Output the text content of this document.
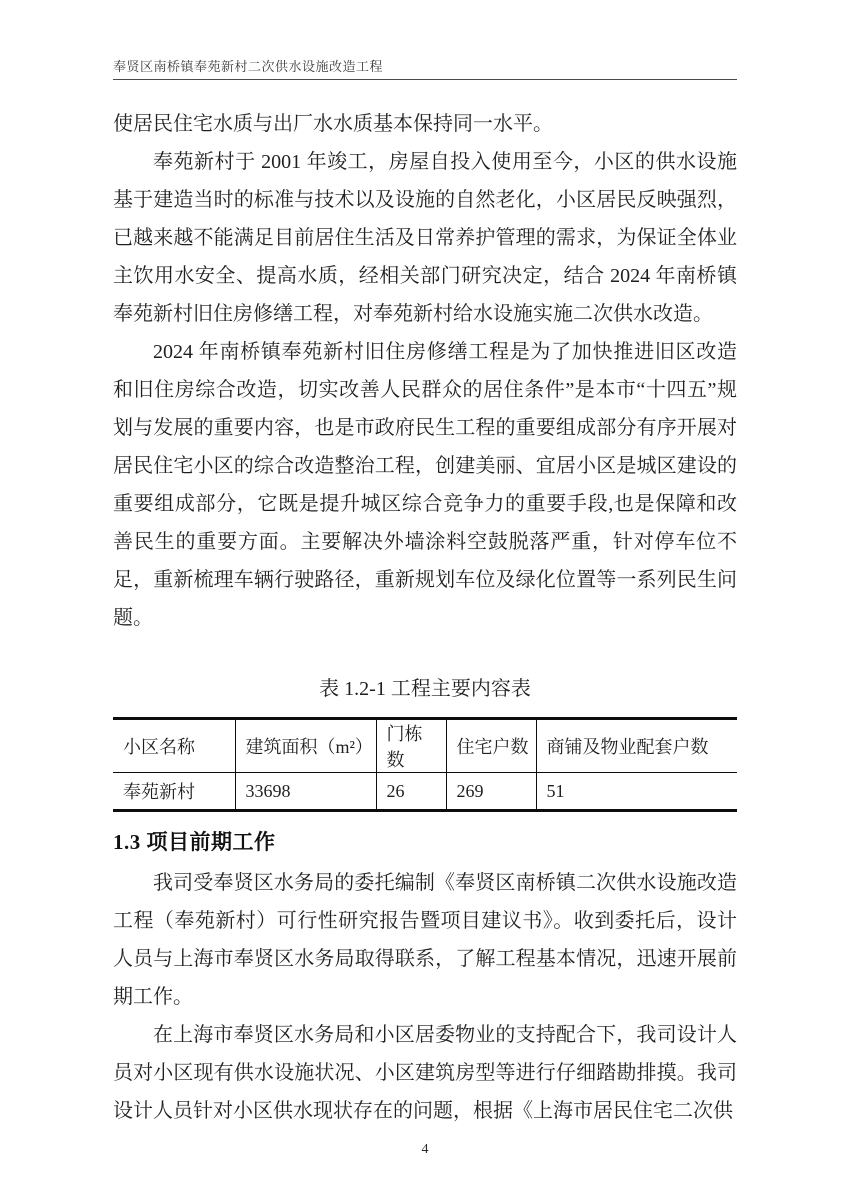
奉贤区南桥镇奉苑新村二次供水设施改造工程

使居民住宅水质与出厂水水质基本保持同一水平。

奉苑新村于 2001 年竣工，房屋自投入使用至今，小区的供水设施基于建造当时的标准与技术以及设施的自然老化，小区居民反映强烈，已越来越不能满足目前居住生活及日常养护管理的需求，为保证全体业主饮用水安全、提高水质，经相关部门研究决定，结合 2024 年南桥镇奉苑新村旧住房修缮工程，对奉苑新村给水设施实施二次供水改造。

2024 年南桥镇奉苑新村旧住房修缮工程是为了加快推进旧区改造和旧住房综合改造，切实改善人民群众的居住条件”是本市“十四五”规划与发展的重要内容，也是市政府民生工程的重要组成部分有序开展对居民住宅小区的综合改造整治工程，创建美丽、宜居小区是城区建设的重要组成部分，它既是提升城区综合竞争力的重要手段,也是保障和改善民生的重要方面。主要解决外墙涂料空鼓脱落严重，针对停车位不足，重新梳理车辆行驶路径，重新规划车位及绿化位置等一系列民生问题。

表 1.2-1 工程主要内容表
小区名称	建筑面积（m²）	门栋数	住宅户数	商铺及物业配套户数
奉苑新村	33698	26	269	51
1.3 项目前期工作

我司受奉贤区水务局的委托编制《奉贤区南桥镇二次供水设施改造工程（奉苑新村）可行性研究报告暨项目建议书》。收到委托后，设计人员与上海市奉贤区水务局取得联系，了解工程基本情况，迅速开展前期工作。

在上海市奉贤区水务局和小区居委物业的支持配合下，我司设计人员对小区现有供水设施状况、小区建筑房型等进行仔细踏勘排摸。我司设计人员针对小区供水现状存在的问题，根据《上海市居民住宅二次供

4
